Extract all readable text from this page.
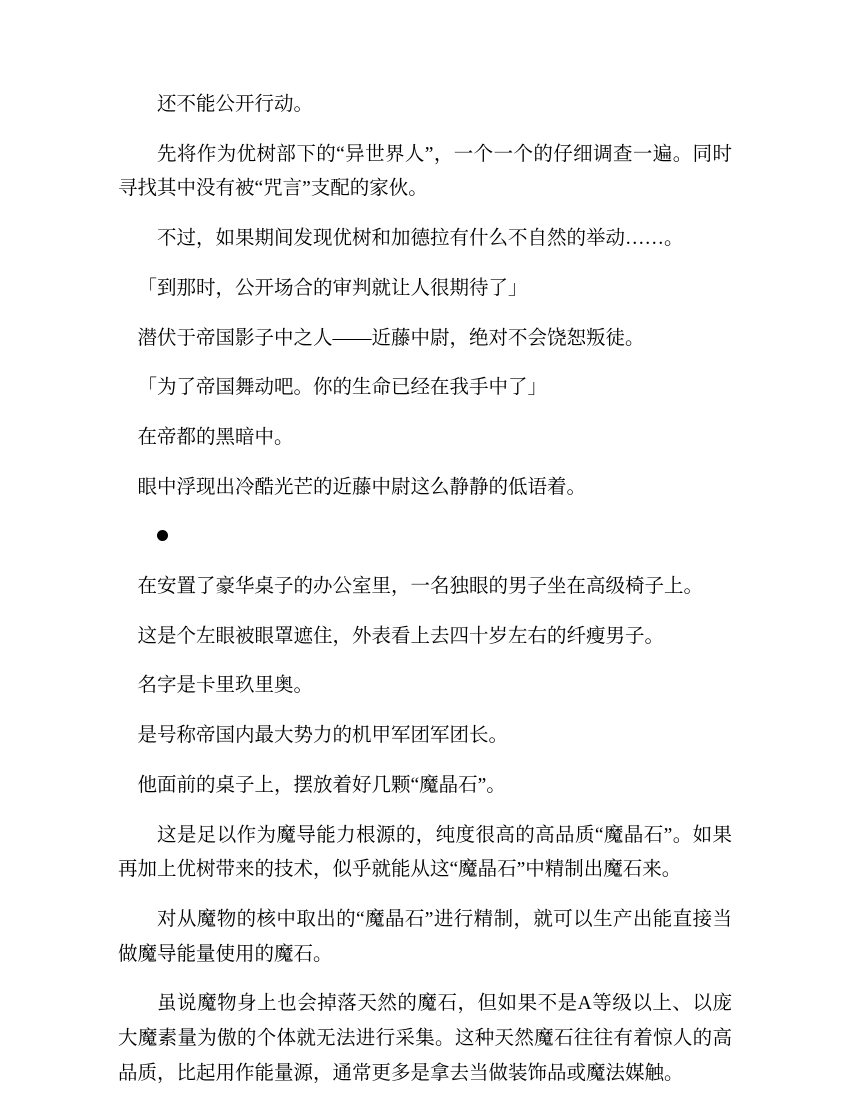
还不能公开行动。

先将作为优树部下的“异世界人”，一个一个的仔细调查一遍。同时寻找其中没有被“咒言”支配的家伙。

不过，如果期间发现优树和加德拉有什么不自然的举动……。

「到那时，公开场合的审判就让人很期待了」

潜伏于帝国影子中之人——近藤中尉，绝对不会饶恕叛徒。

「为了帝国舞动吧。你的生命已经在我手中了」

在帝都的黑暗中。

眼中浮现出冷酷光芒的近藤中尉这么静静的低语着。

在安置了豪华桌子的办公室里，一名独眼的男子坐在高级椅子上。

这是个左眼被眼罩遮住，外表看上去四十岁左右的纤瘦男子。

名字是卡里玖里奥。

是号称帝国内最大势力的机甲军团军团长。

他面前的桌子上，摆放着好几颗“魔晶石”。

这是足以作为魔导能力根源的，纯度很高的高品质“魔晶石”。如果再加上优树带来的技术，似乎就能从这“魔晶石”中精制出魔石来。

对从魔物的核中取出的“魔晶石”进行精制，就可以生产出能直接当做魔导能量使用的魔石。

虽说魔物身上也会掉落天然的魔石，但如果不是A等级以上、以庞大魔素量为傲的个体就无法进行采集。这种天然魔石往往有着惊人的高品质，比起用作能量源，通常更多是拿去当做装饰品或魔法媒触。
